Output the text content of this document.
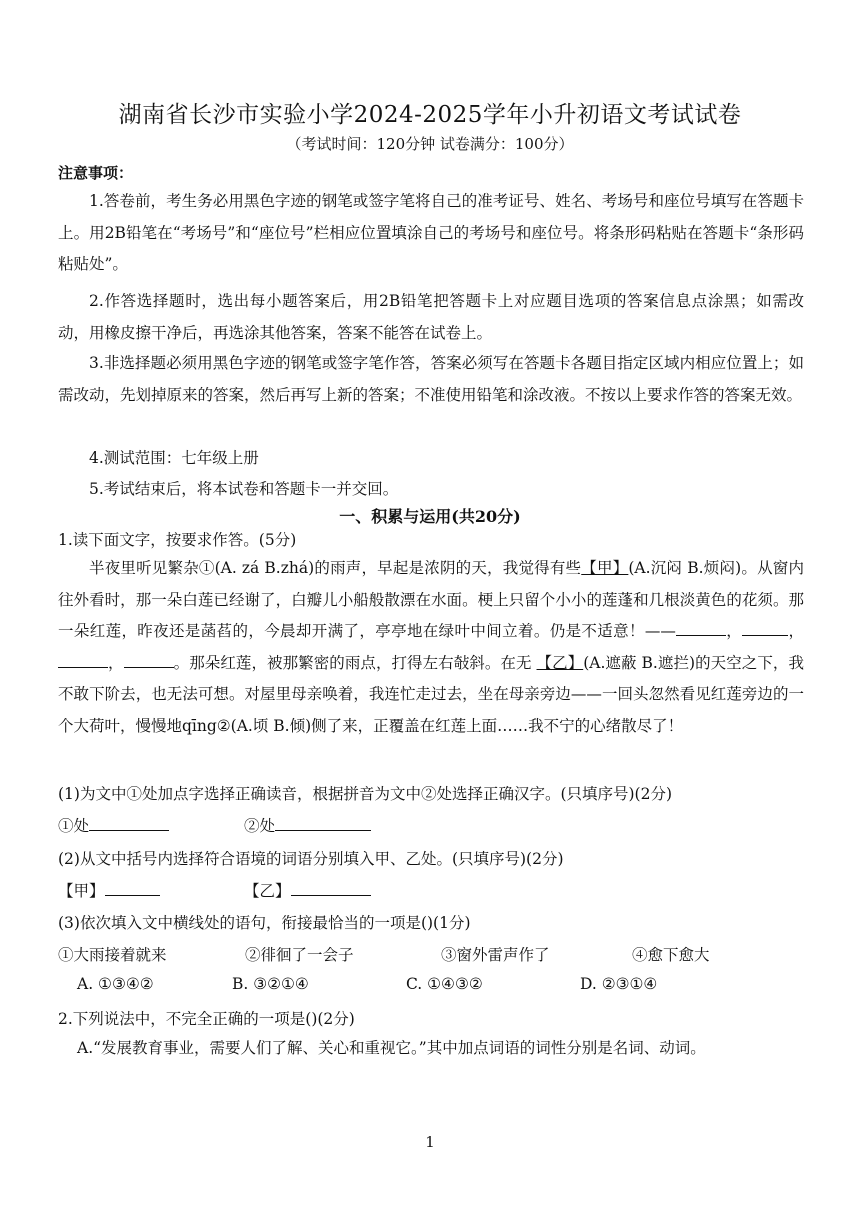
湖南省长沙市实验小学2024-2025学年小升初语文考试试卷
（考试时间：120分钟 试卷满分：100分）
注意事项：
1.答卷前，考生务必用黑色字迹的钢笔或签字笔将自己的准考证号、姓名、考场号和座位号填写在答题卡上。用2B铅笔在“考场号”和“座位号”栏相应位置填涂自己的考场号和座位号。将条形码粘贴在答题卡“条形码粘贴处”。
2.作答选择题时，选出每小题答案后，用2B铅笔把答题卡上对应题目选项的答案信息点涂黑；如需改动，用橡皮擦干净后，再选涂其他答案，答案不能答在试卷上。
3.非选择题必须用黑色字迹的钢笔或签字笔作答，答案必须写在答题卡各题目指定区域内相应位置上；如需改动，先划掉原来的答案，然后再写上新的答案；不准使用铅笔和涂改液。不按以上要求作答的答案无效。
4.测试范围：七年级上册
5.考试结束后，将本试卷和答题卡一并交回。
一、积累与运用(共20分)
1.读下面文字，按要求作答。(5分)
半夜里听见繁杂①(A. zá B.zhá)的雨声，早起是浓阴的天，我觉得有些【甲】(A.沉闷 B.烦闷)。从窗内往外看时，那一朵白莲已经谢了，白瓣儿小船般散漂在水面。梗上只留个小小的莲蓬和几根淡黄色的花须。那一朵红莲，昨夜还是菡萏的，今晨却开满了，亭亭地在绿叶中间立着。仍是不适意！——	，	，，	。那朵红莲，被那繁密的雨点，打得左右敧斜。在无 【乙】(A.遮蔽 B.遮拦)的天空之下，我不敢下阶去，也无法可想。对屋里母亲唤着，我连忙走过去，坐在母亲旁边——一回头忽然看见红莲旁边的一个大荷叶，慢慢地qīng②(A.顷 B.倾)侧了来，正覆盖在红莲上面……我不宁的心绪散尽了！
(1)为文中①处加点字选择正确读音，根据拼音为文中②处选择正确汉字。(只填序号)(2分)
①处	②处
(2)从文中括号内选择符合语境的词语分别填入甲、乙处。(只填序号)(2分)
【甲】	【乙】
(3)依次填入文中横线处的语句，衔接最恰当的一项是()(1分)
①大雨接着就来	②徘徊了一会子	③窗外雷声作了	④愈下愈大
A. ①③④②	B. ③②①④	C. ①④③②	D. ②③①④
2.下列说法中，不完全正确的一项是()(2分)
A.“发展教育事业，需要人们了解、关心和重视它。”其中加点词语的词性分别是名词、动词。
1
